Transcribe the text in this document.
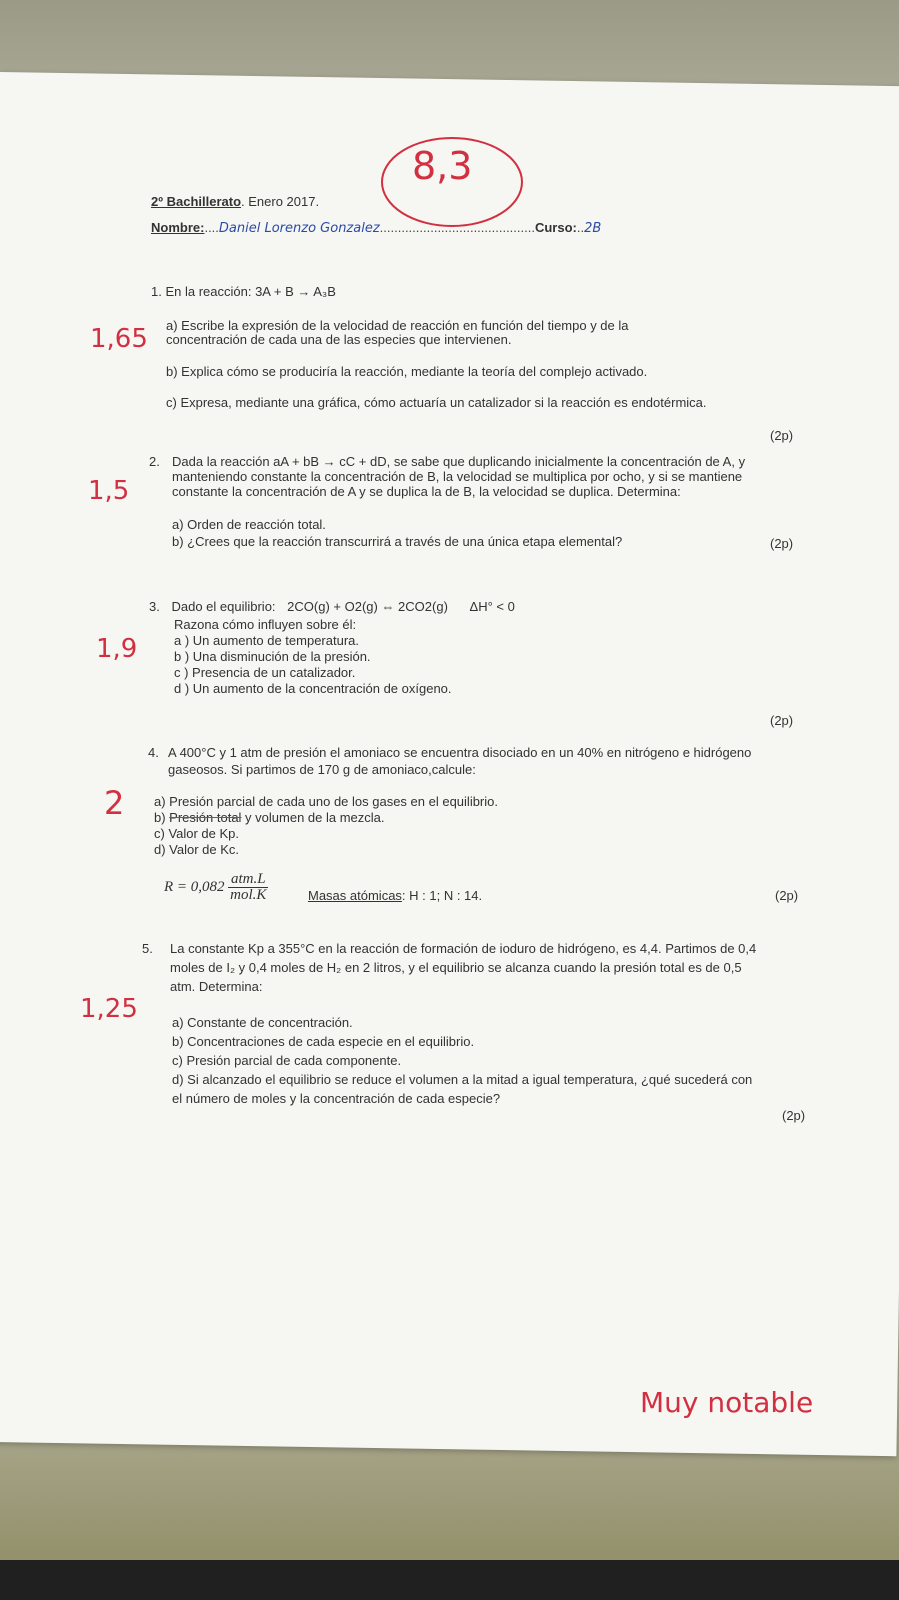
2º Bachillerato. Enero 2017.
Nombre:....Daniel Lorenzo Gonzalez...........................................Curso:..2B
8,3
1. En la reacción: 3A + B → A₃B
a) Escribe la expresión de la velocidad de reacción en función del tiempo y de la
concentración de cada una de las especies que intervienen.
b) Explica cómo se produciría la reacción, mediante la teoría del complejo activado.
c) Expresa, mediante una gráfica, cómo actuaría un catalizador si la reacción es endotérmica.
(2p)
1,65
2. Dada la reacción aA + bB → cC + dD, se sabe que duplicando inicialmente la concentración de A, y
manteniendo constante la concentración de B, la velocidad se multiplica por ocho, y si se mantiene
constante la concentración de A y se duplica la de B, la velocidad se duplica. Determina:
a) Orden de reacción total.
b) ¿Crees que la reacción transcurrirá a través de una única etapa elemental?	(2p)
1,5
3. Dado el equilibrio: 2CO(g) + O2(g) ⇔ 2CO2(g) ΔH° < 0
Razona cómo influyen sobre él:
a ) Un aumento de temperatura.
b ) Una disminución de la presión.
c ) Presencia de un catalizador.
d ) Un aumento de la concentración de oxígeno.
(2p)
1,9
4. A 400°C y 1 atm de presión el amoniaco se encuentra disociado en un 40% en nitrógeno e hidrógeno
gaseosos. Si partimos de 170 g de amoniaco,calcule:
a) Presión parcial de cada uno de los gases en el equilibrio.
b) Presión total y volumen de la mezcla.
c) Valor de Kp.
d) Valor de Kc.
$R = 0,082 \frac{\text{atm.L}}{\text{mol.K}}$	Masas atómicas: H : 1; N : 14.	(2p)
2
5. La constante Kp a 355°C en la reacción de formación de ioduro de hidrógeno, es 4,4. Partimos de 0,4
moles de I₂ y 0,4 moles de H₂ en 2 litros, y el equilibrio se alcanza cuando la presión total es de 0,5
atm. Determina:
a) Constante de concentración.
b) Concentraciones de cada especie en el equilibrio.
c) Presión parcial de cada componente.
d) Si alcanzado el equilibrio se reduce el volumen a la mitad a igual temperatura, ¿qué sucederá con
el número de moles y la concentración de cada especie?
(2p)
1,25
Muy notable
